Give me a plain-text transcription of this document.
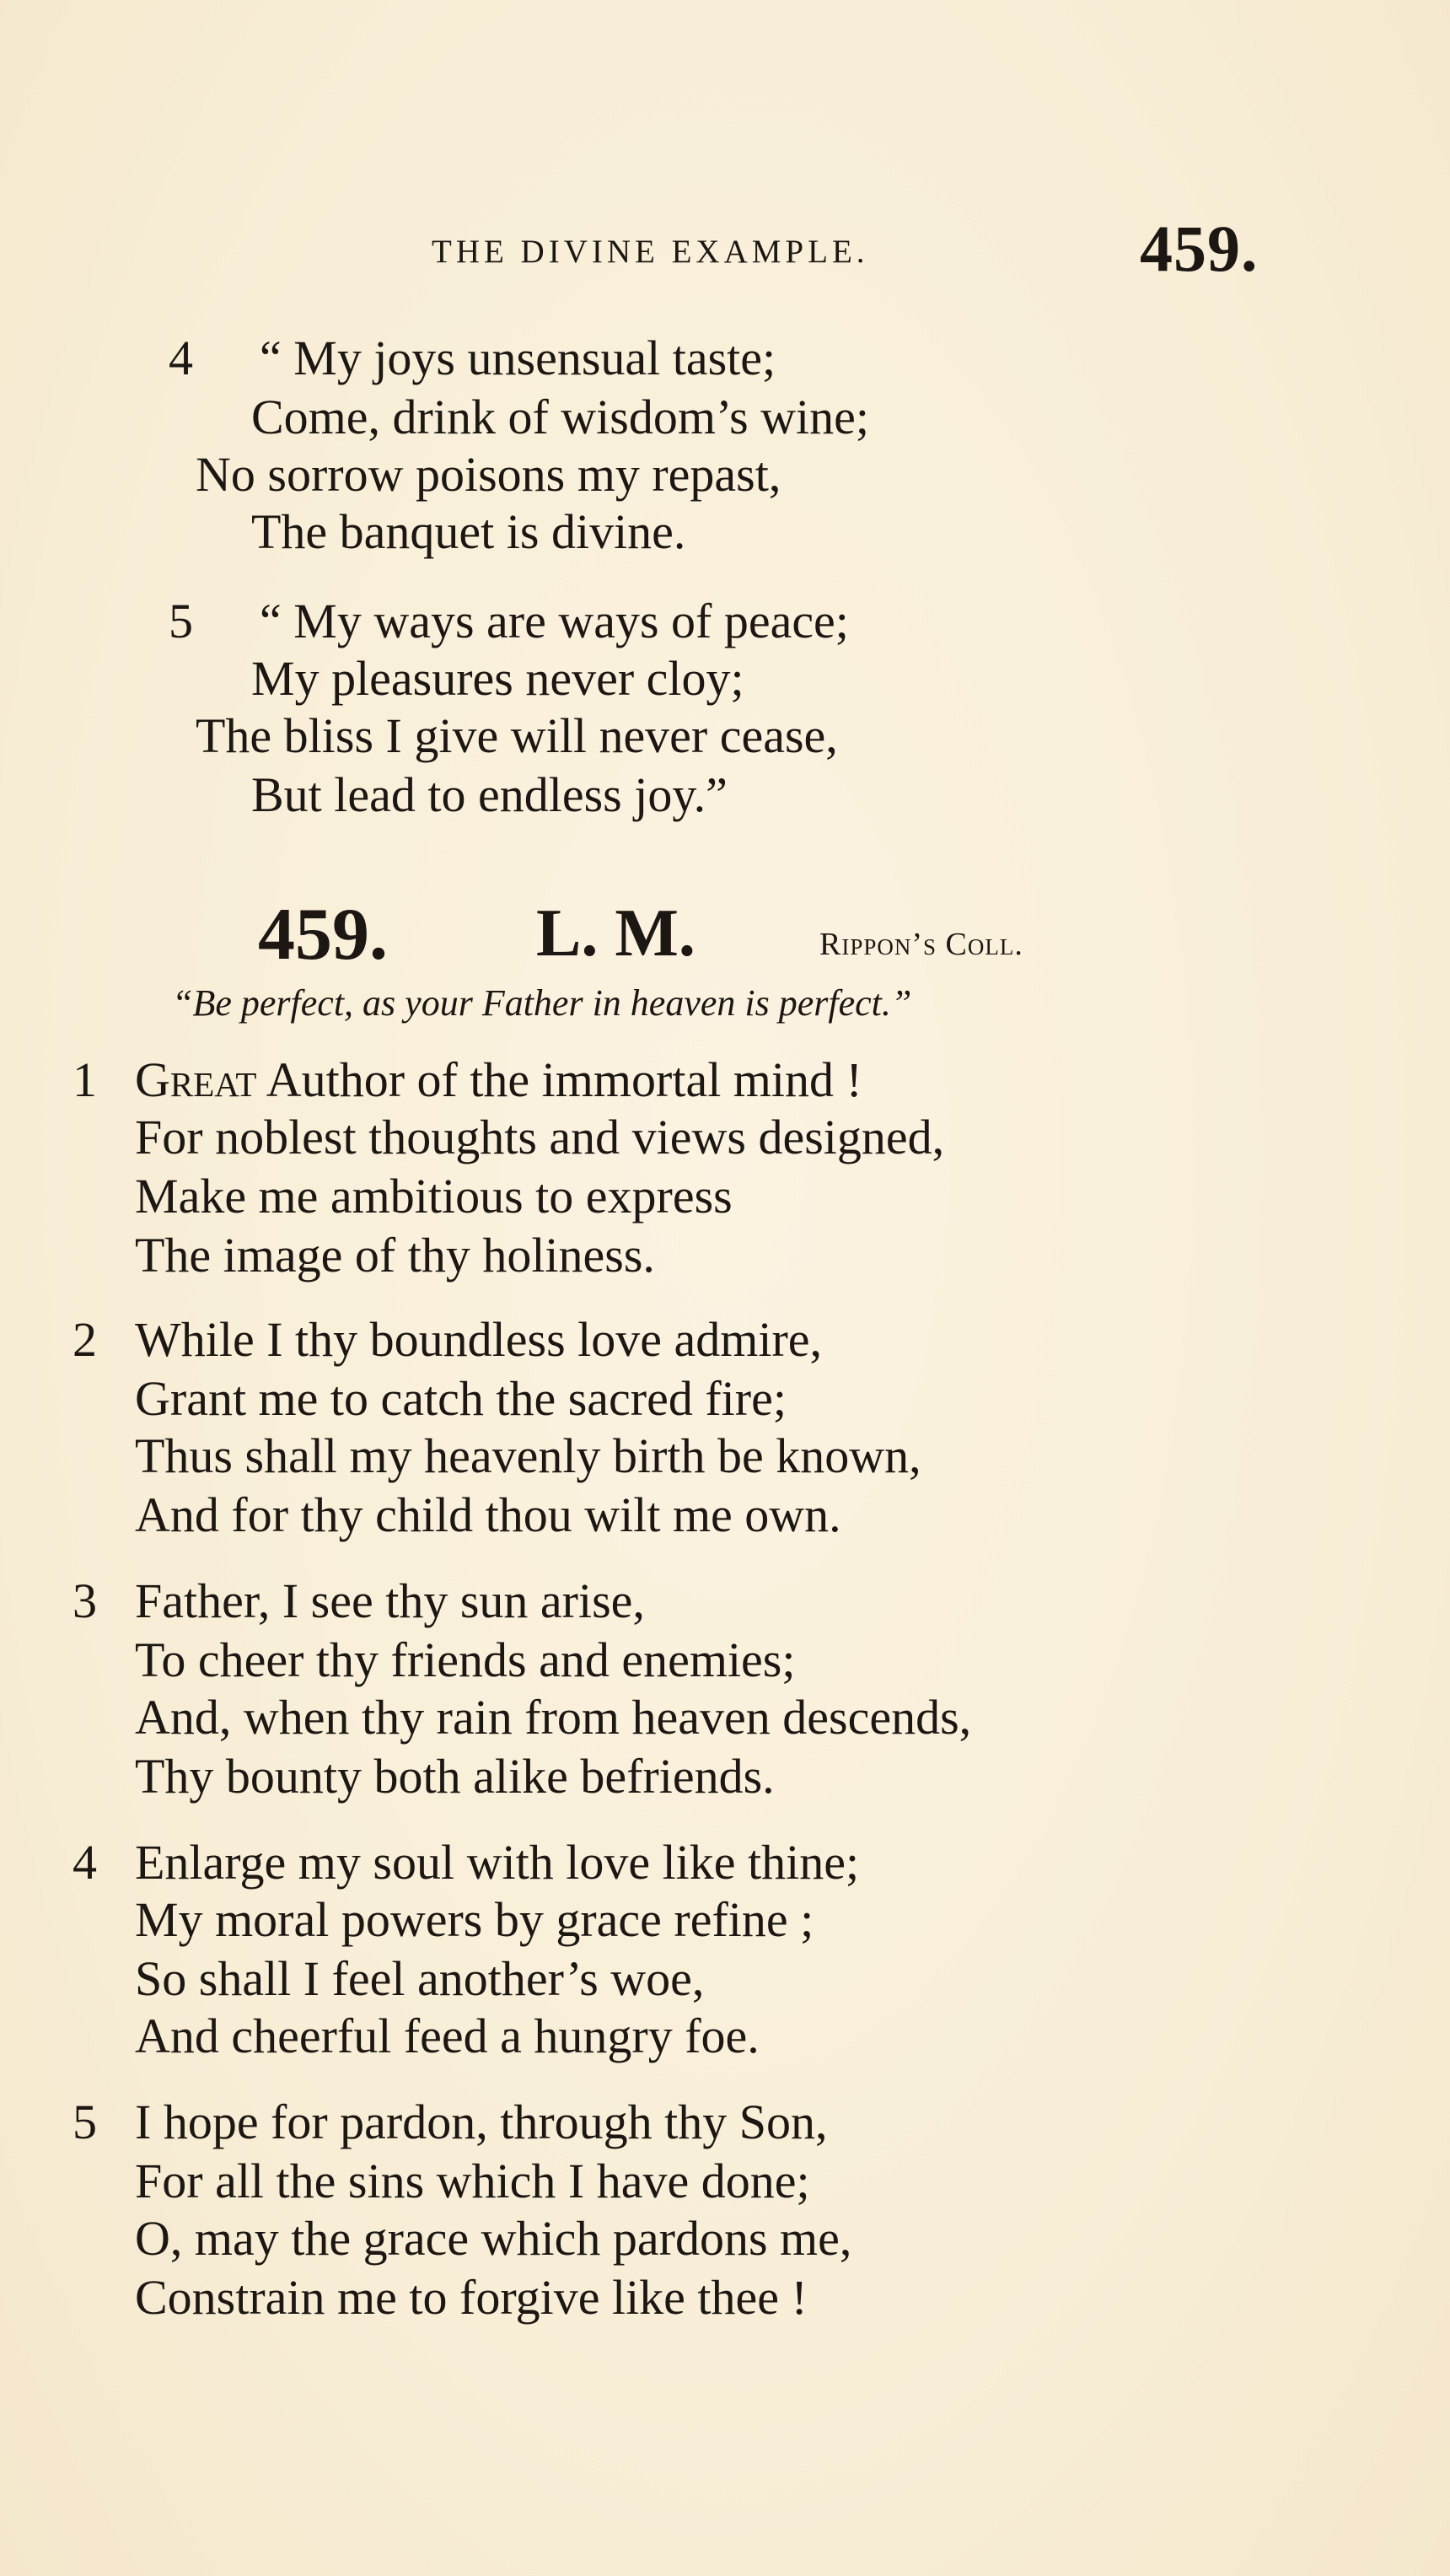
THE DIVINE EXAMPLE.	459.
4 “ My joys unsensual taste;
Come, drink of wisdom’s wine;
No sorrow poisons my repast,
The banquet is divine.
5 “ My ways are ways of peace;
My pleasures never cloy;
The bliss I give will never cease,
But lead to endless joy.”
459. L. M.	Rippon’s Coll.
“Be perfect, as your Father in heaven is perfect.”
1 Great Author of the immortal mind !
For noblest thoughts and views designed,
Make me ambitious to express
The image of thy holiness.
2 While I thy boundless love admire,
Grant me to catch the sacred fire;
Thus shall my heavenly birth be known,
And for thy child thou wilt me own.
3 Father, I see thy sun arise,
To cheer thy friends and enemies;
And, when thy rain from heaven descends,
Thy bounty both alike befriends.
4 Enlarge my soul with love like thine;
My moral powers by grace refine ;
So shall I feel another’s woe,
And cheerful feed a hungry foe.
5 I hope for pardon, through thy Son,
For all the sins which I have done;
O, may the grace which pardons me,
Constrain me to forgive like thee !
